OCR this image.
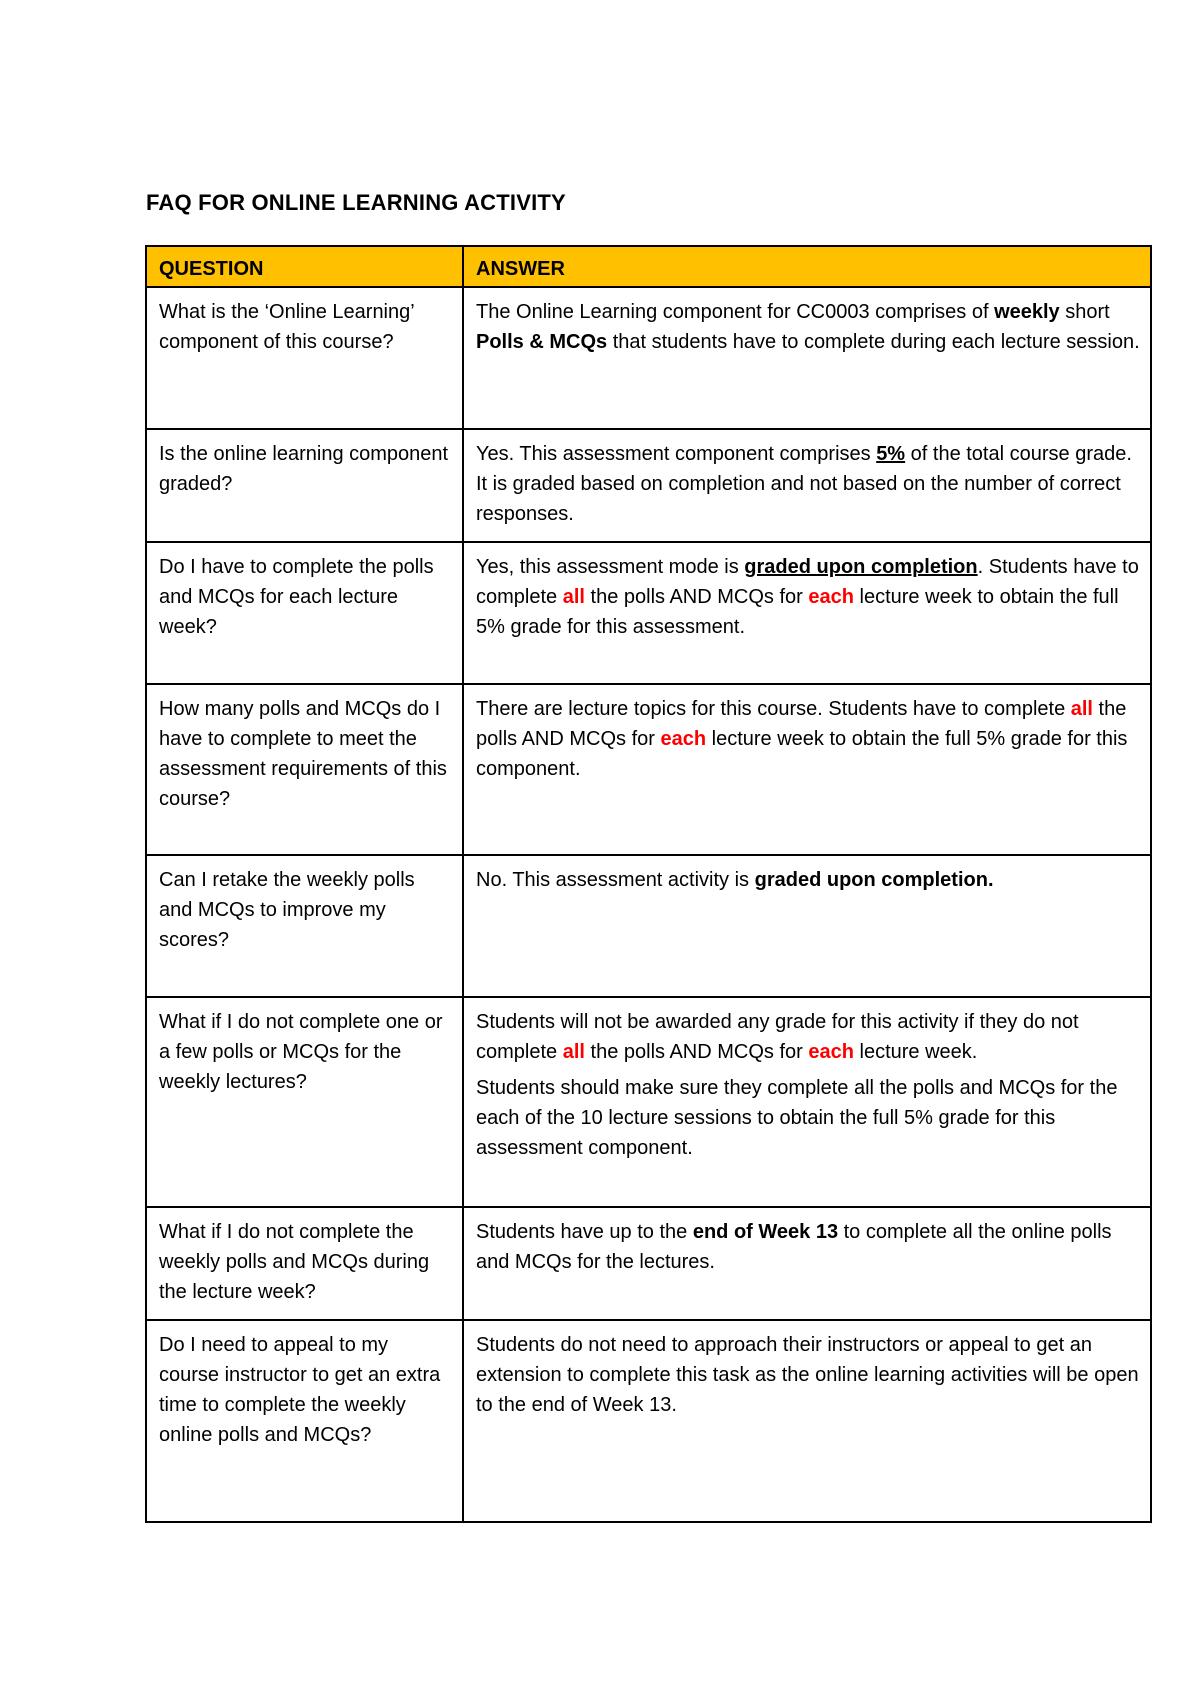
FAQ FOR ONLINE LEARNING ACTIVITY
QUESTION	ANSWER
What is the ‘Online Learning’ component of this course?	The Online Learning component for CC0003 comprises of weekly short Polls & MCQs that students have to complete during each lecture session.

Is the online learning component graded?	Yes. This assessment component comprises 5% of the total course grade. It is graded based on completion and not based on the number of correct responses.

Do I have to complete the polls and MCQs for each lecture week?	Yes, this assessment mode is graded upon completion. Students have to complete all the polls AND MCQs for each lecture week to obtain the full 5% grade for this assessment.

How many polls and MCQs do I have to complete to meet the assessment requirements of this course?	There are lecture topics for this course. Students have to complete all the polls AND MCQs for each lecture week to obtain the full 5% grade for this component.

Can I retake the weekly polls and MCQs to improve my scores?	No. This assessment activity is graded upon completion.

What if I do not complete one or a few polls or MCQs for the weekly lectures?	Students will not be awarded any grade for this activity if they do not complete all the polls AND MCQs for each lecture week.

Students should make sure they complete all the polls and MCQs for the each of the 10 lecture sessions to obtain the full 5% grade for this assessment component.

What if I do not complete the weekly polls and MCQs during the lecture week?	Students have up to the end of Week 13 to complete all the online polls and MCQs for the lectures.

Do I need to appeal to my course instructor to get an extra time to complete the weekly online polls and MCQs?	Students do not need to approach their instructors or appeal to get an extension to complete this task as the online learning activities will be open to the end of Week 13.
